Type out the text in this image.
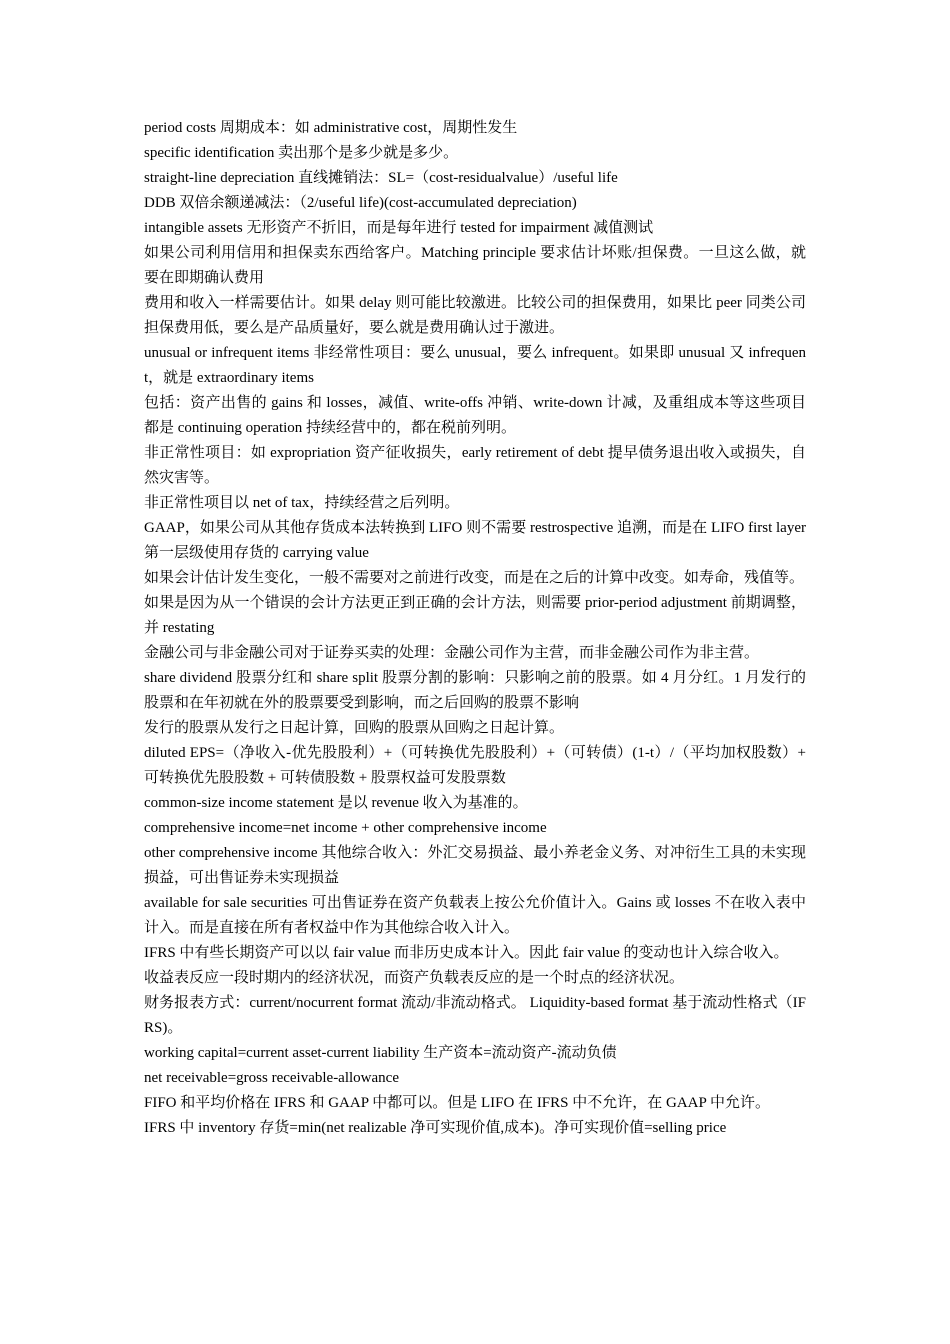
period costs 周期成本：如 administrative cost，周期性发生

specific identification 卖出那个是多少就是多少。

straight-line depreciation 直线摊销法：SL=（cost-residualvalue）/useful life

DDB 双倍余额递减法：（2/useful life)(cost-accumulated depreciation)

intangible assets 无形资产不折旧，而是每年进行 tested for impairment 减值测试

如果公司利用信用和担保卖东西给客户。Matching principle 要求估计坏账/担保费。一旦这么做，就要在即期确认费用

费用和收入一样需要估计。如果 delay 则可能比较激进。比较公司的担保费用，如果比 peer 同类公司担保费用低，要么是产品质量好，要么就是费用确认过于激进。

unusual or infrequent items 非经常性项目：要么 unusual，要么 infrequent。如果即 unusual 又 infrequent，就是 extraordinary items

包括：资产出售的 gains 和 losses，减值、write-offs 冲销、write-down 计减，及重组成本等这些项目都是 continuing operation 持续经营中的，都在税前列明。

非正常性项目：如 expropriation 资产征收损失，early retirement of debt 提早债务退出收入或损失，自然灾害等。

非正常性项目以 net of tax，持续经营之后列明。

GAAP，如果公司从其他存货成本法转换到 LIFO 则不需要 restrospective 追溯，而是在 LIFO first layer 第一层级使用存货的 carrying value

如果会计估计发生变化，一般不需要对之前进行改变，而是在之后的计算中改变。如寿命，残值等。

如果是因为从一个错误的会计方法更正到正确的会计方法，则需要 prior-period adjustment 前期调整，并 restating

金融公司与非金融公司对于证券买卖的处理：金融公司作为主营，而非金融公司作为非主营。

share dividend 股票分红和 share split 股票分割的影响：只影响之前的股票。如 4 月分红。1 月发行的股票和在年初就在外的股票要受到影响，而之后回购的股票不影响

发行的股票从发行之日起计算，回购的股票从回购之日起计算。

diluted EPS=（净收入-优先股股利）+（可转换优先股股利）+（可转债）(1-t）/（平均加权股数）+ 可转换优先股股数 + 可转债股数 + 股票权益可发股票数

common-size income statement 是以 revenue 收入为基准的。

comprehensive income=net income + other comprehensive income

other comprehensive income 其他综合收入：外汇交易损益、最小养老金义务、对冲衍生工具的未实现损益，可出售证券未实现损益

available for sale securities 可出售证券在资产负载表上按公允价值计入。Gains 或 losses 不在收入表中计入。而是直接在所有者权益中作为其他综合收入计入。

IFRS 中有些长期资产可以以 fair value 而非历史成本计入。因此 fair value 的变动也计入综合收入。

收益表反应一段时期内的经济状况，而资产负载表反应的是一个时点的经济状况。

财务报表方式：current/nocurrent format 流动/非流动格式。 Liquidity-based format 基于流动性格式（IFRS)。

working capital=current asset-current liability 生产资本=流动资产-流动负债

net receivable=gross receivable-allowance

FIFO 和平均价格在 IFRS 和 GAAP 中都可以。但是 LIFO 在 IFRS 中不允许，在 GAAP 中允许。

IFRS 中 inventory 存货=min(net realizable 净可实现价值,成本)。净可实现价值=selling price
